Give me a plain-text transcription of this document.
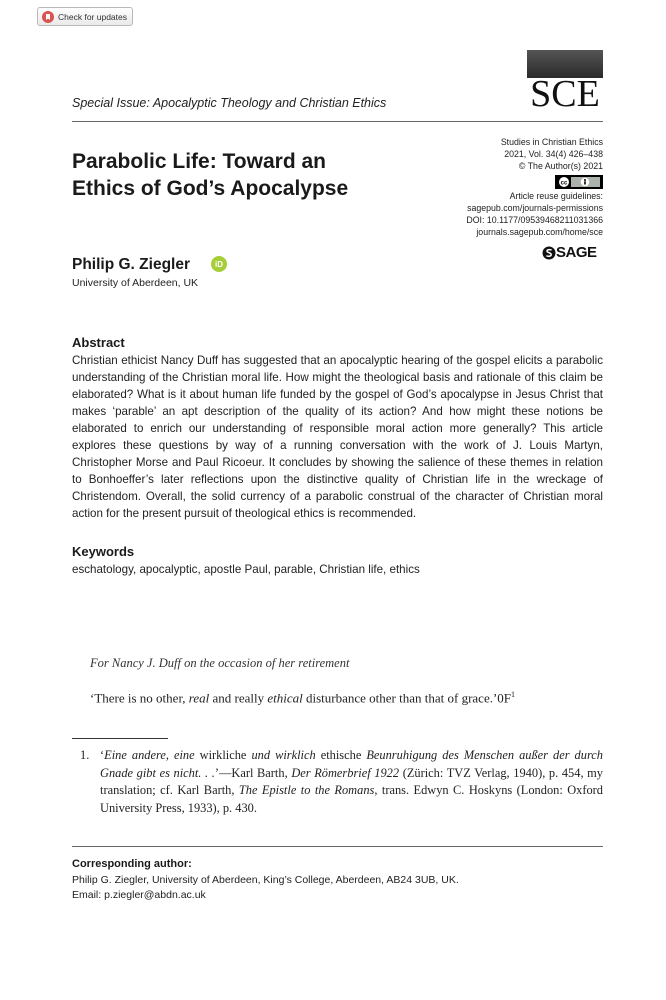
Check for updates
SCE
Special Issue: Apocalyptic Theology and Christian Ethics
Parabolic Life: Toward an
Ethics of God’s Apocalypse
Studies in Christian Ethics
2021, Vol. 34(4) 426–438
© The Author(s) 2021
cc
Article reuse guidelines:
sagepub.com/journals-permissions
DOI: 10.1177/09539468211031366
journals.sagepub.com/home/sce
SAGE
Philip G. Ziegler	iD
University of Aberdeen, UK
Abstract

Christian ethicist Nancy Duff has suggested that an apocalyptic hearing of the gospel elicits a parabolic understanding of the Christian moral life. How might the theological basis and rationale of this claim be elaborated? What is it about human life funded by the gospel of God’s apocalypse in Jesus Christ that makes ‘parable’ an apt description of the quality of its action? And how might these notions be elaborated to enrich our understanding of responsible moral action more generally? This article explores these questions by way of a running conversation with the work of J. Louis Martyn, Christopher Morse and Paul Ricoeur. It concludes by showing the salience of these themes in relation to Bonhoeffer’s later reflections upon the distinctive quality of Christian life in the wreckage of Christendom. Overall, the solid currency of a parabolic construal of the character of Christian moral action for the present pursuit of theological ethics is recommended.

Keywords
eschatology, apocalyptic, apostle Paul, parable, Christian life, ethics
For Nancy J. Duff on the occasion of her retirement
‘There is no other, real and really ethical disturbance other than that of $grace.’0F^1$
1. ‘Eine andere, eine wirkliche und wirklich ethische Beunruhigung des Menschen außer der durch Gnade gibt es nicht. . .’—Karl Barth, Der Römerbrief 1922 (Zürich: TVZ Verlag, 1940), p. 454, my translation; cf. Karl Barth, The Epistle to the Romans, trans. Edwyn C. Hoskyns (London: Oxford University Press, 1933), p. 430.
Corresponding author:
Philip G. Ziegler, University of Aberdeen, King’s College, Aberdeen, AB24 3UB, UK.
Email: p.ziegler@abdn.ac.uk
